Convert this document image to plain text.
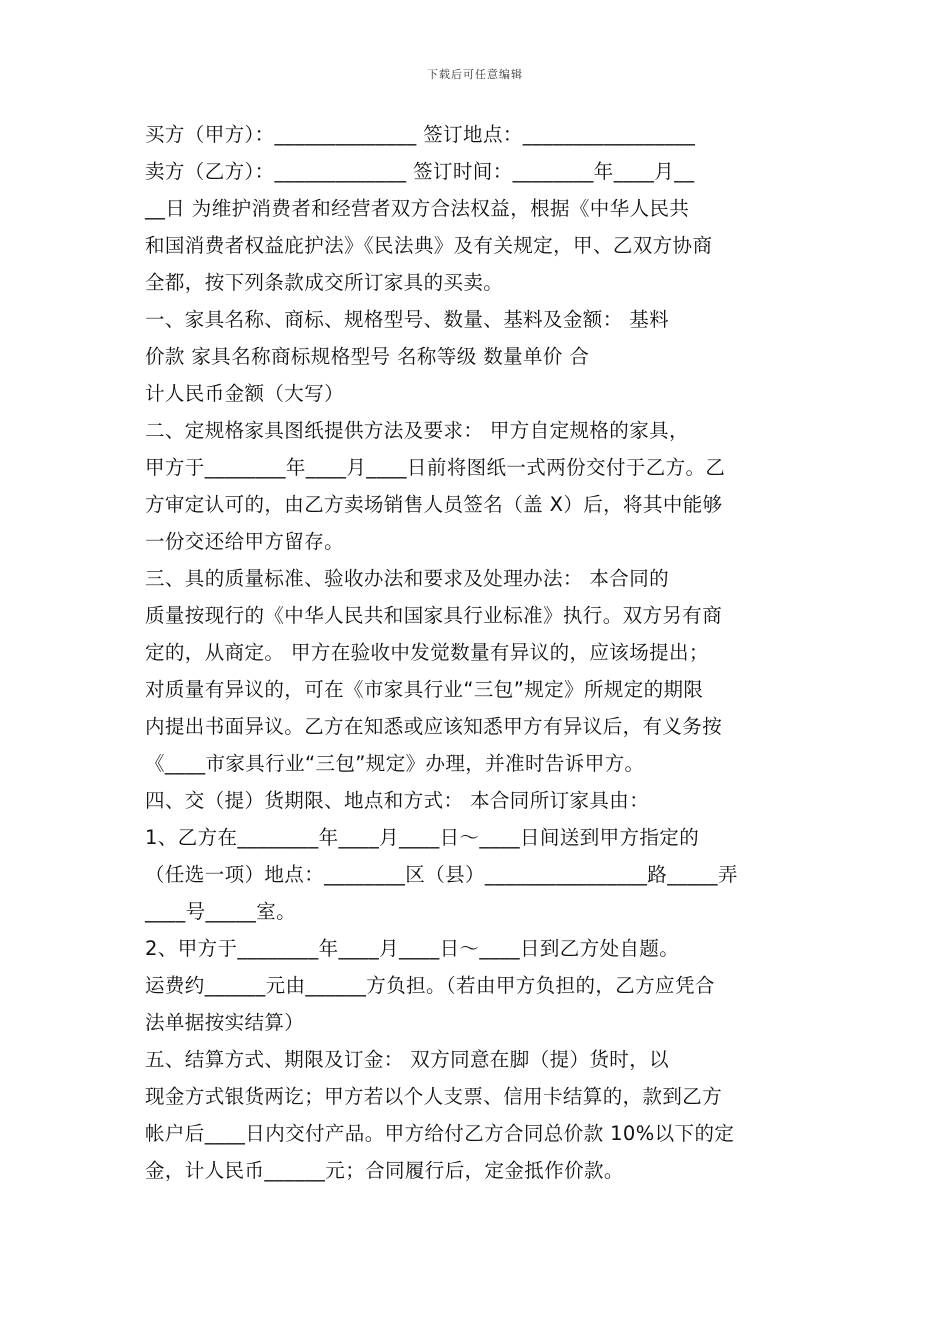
下载后可任意编辑
买方（甲方）：______________ 签订地点：_________________
卖方（乙方）：_____________ 签订时间：________年____月__
__日 为维护消费者和经营者双方合法权益，根据《中华人民共
和国消费者权益庇护法》《民法典》及有关规定，甲、乙双方协商
全都，按下列条款成交所订家具的买卖。
一、家具名称、商标、规格型号、数量、基料及金额： 基料
价款 家具名称商标规格型号 名称等级 数量单价 合
计人民币金额（大写）
二、定规格家具图纸提供方法及要求： 甲方自定规格的家具，
甲方于________年____月____日前将图纸一式两份交付于乙方。乙
方审定认可的，由乙方卖场销售人员签名（盖 X）后，将其中能够
一份交还给甲方留存。
三、具的质量标准、验收办法和要求及处理办法： 本合同的
质量按现行的《中华人民共和国家具行业标准》执行。双方另有商
定的，从商定。 甲方在验收中发觉数量有异议的，应该场提出；
对质量有异议的，可在《市家具行业“三包”规定》所规定的期限
内提出书面异议。乙方在知悉或应该知悉甲方有异议后，有义务按
《____市家具行业“三包”规定》办理，并准时告诉甲方。
四、交（提）货期限、地点和方式： 本合同所订家具由：
1、乙方在________年____月____日～____日间送到甲方指定的
（任选一项）地点：________区（县）________________路_____弄
____号_____室。
2、甲方于________年____月____日～____日到乙方处自题。
运费约______元由______方负担。（若由甲方负担的，乙方应凭合
法单据按实结算）
五、结算方式、期限及订金： 双方同意在脚（提）货时，以
现金方式银货两讫；甲方若以个人支票、信用卡结算的，款到乙方
帐户后____日内交付产品。甲方给付乙方合同总价款 10%以下的定
金，计人民币______元；合同履行后，定金抵作价款。
